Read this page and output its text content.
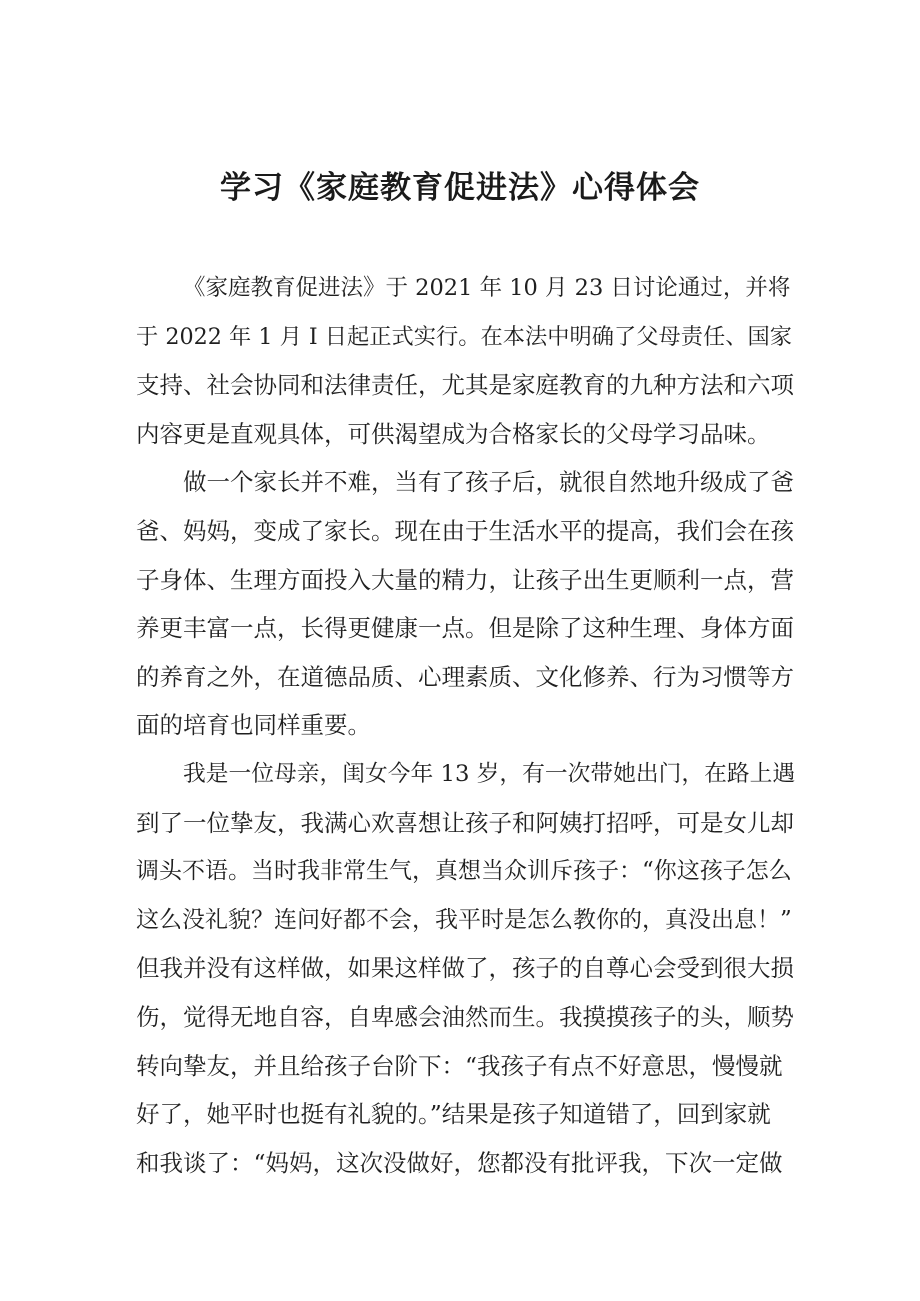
学习《家庭教育促进法》心得体会

《家庭教育促进法》于 2021 年 10 月 23 日讨论通过，并将

于 2022 年 1 月 I 日起正式实行。在本法中明确了父母责任、国家
支持、社会协同和法律责任，尤其是家庭教育的九种方法和六项
内容更是直观具体，可供渴望成为合格家长的父母学习品味。

做一个家长并不难，当有了孩子后，就很自然地升级成了爸

爸、妈妈，变成了家长。现在由于生活水平的提高，我们会在孩
子身体、生理方面投入大量的精力，让孩子出生更顺利一点，营
养更丰富一点，长得更健康一点。但是除了这种生理、身体方面
的养育之外，在道德品质、心理素质、文化修养、行为习惯等方
面的培育也同样重要。

我是一位母亲，闺女今年 13 岁，有一次带她出门，在路上遇

到了一位挚友，我满心欢喜想让孩子和阿姨打招呼，可是女儿却
调头不语。当时我非常生气，真想当众训斥孩子：“你这孩子怎么
这么没礼貌？连问好都不会，我平时是怎么教你的，真没出息！”
但我并没有这样做，如果这样做了，孩子的自尊心会受到很大损
伤，觉得无地自容，自卑感会油然而生。我摸摸孩子的头，顺势
转向挚友，并且给孩子台阶下：“我孩子有点不好意思，慢慢就
好了，她平时也挺有礼貌的。”结果是孩子知道错了，回到家就
和我谈了：“妈妈，这次没做好，您都没有批评我，下次一定做
